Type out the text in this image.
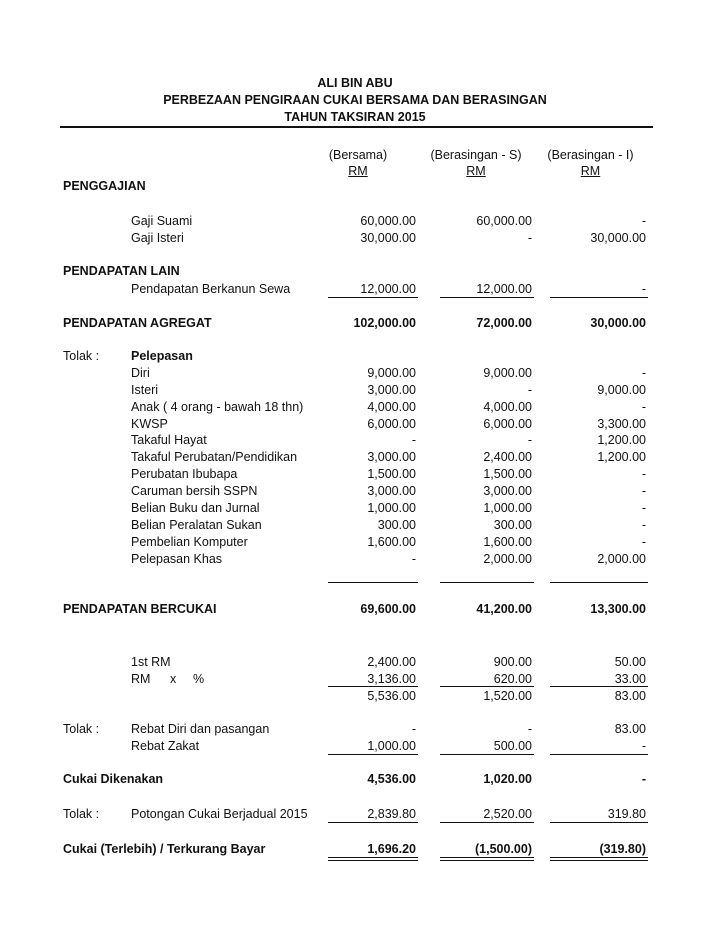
ALI BIN ABU
PERBEZAAN PENGIRAAN CUKAI BERSAMA DAN BERASINGAN
TAHUN TAKSIRAN 2015
(Bersama)	(Berasingan - S)	(Berasingan - I)
RM	RM	RM
PENGGAJIAN
Gaji Suami	60,000.00	60,000.00	-
Gaji Isteri	30,000.00	-	30,000.00
PENDAPATAN LAIN
Pendapatan Berkanun Sewa	12,000.00	12,000.00	-
PENDAPATAN AGREGAT	102,000.00	72,000.00	30,000.00
Tolak :	Pelepasan
Diri	9,000.00	9,000.00	-
Isteri	3,000.00	-	9,000.00
Anak ( 4 orang - bawah 18 thn)	4,000.00	4,000.00	-
KWSP	6,000.00	6,000.00	3,300.00
Takaful Hayat	-	-	1,200.00
Takaful Perubatan/Pendidikan	3,000.00	2,400.00	1,200.00
Perubatan Ibubapa	1,500.00	1,500.00	-
Caruman bersih SSPN	3,000.00	3,000.00	-
Belian Buku dan Jurnal	1,000.00	1,000.00	-
Belian Peralatan Sukan	300.00	300.00	-
Pembelian Komputer	1,600.00	1,600.00	-
Pelepasan Khas	-	2,000.00	2,000.00
PENDAPATAN BERCUKAI	69,600.00	41,200.00	13,300.00
1st RM	2,400.00	900.00	50.00
RM x %	3,136.00	620.00	33.00
5,536.00	1,520.00	83.00
Tolak :	Rebat Diri dan pasangan	-	-	83.00
Rebat Zakat	1,000.00	500.00	-
Cukai Dikenakan	4,536.00	1,020.00	-
Tolak :	Potongan Cukai Berjadual 2015	2,839.80	2,520.00	319.80
Cukai (Terlebih) / Terkurang Bayar	1,696.20	(1,500.00)	(319.80)
